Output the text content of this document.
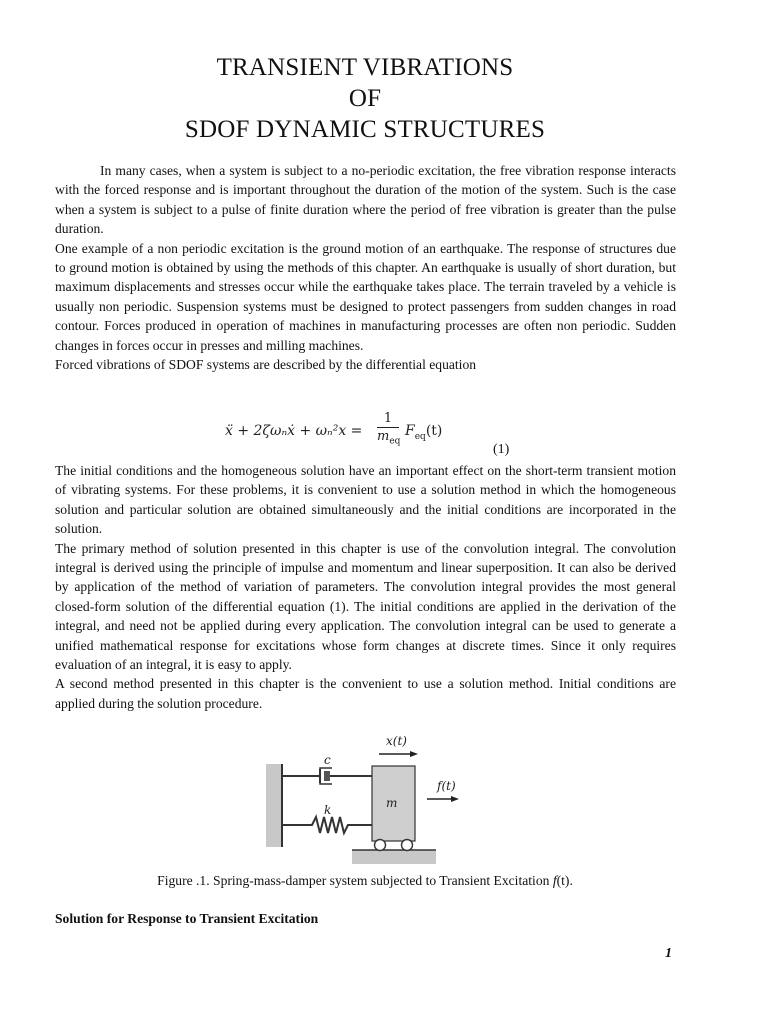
TRANSIENT VIBRATIONS
OF
SDOF DYNAMIC STRUCTURES

In many cases, when a system is subject to a no-periodic excitation, the free vibration response interacts with the forced response and is important throughout the duration of the motion of the system. Such is the case when a system is subject to a pulse of finite duration where the period of free vibration is greater than the pulse duration.

One example of a non periodic excitation is the ground motion of an earthquake. The response of structures due to ground motion is obtained by using the methods of this chapter. An earthquake is usually of short duration, but maximum displacements and stresses occur while the earthquake takes place. The terrain traveled by a vehicle is usually non periodic. Suspension systems must be designed to protect passengers from sudden changes in road contour. Forces produced in operation of machines in manufacturing processes are often non periodic. Sudden changes in forces occur in presses and milling machines.

Forced vibrations of SDOF systems are described by the differential equation

ẍ + 2ζωₙẋ + ωₙ²x =
1
$m_{eq}$
$F_{eq}(t)$
(1)

The initial conditions and the homogeneous solution have an important effect on the short-term transient motion of vibrating systems. For these problems, it is convenient to use a solution method in which the homogeneous solution and particular solution are obtained simultaneously and the initial conditions are incorporated in the solution.

The primary method of solution presented in this chapter is use of the convolution integral. The convolution integral is derived using the principle of impulse and momentum and linear superposition. It can also be derived by application of the method of variation of parameters. The convolution integral provides the most general closed-form solution of the differential equation (1). The initial conditions are applied in the derivation of the integral, and need not be applied during every application. The convolution integral can be used to generate a unified mathematical response for excitations whose form changes at discrete times. Since it only requires evaluation of an integral, it is easy to apply.

A second method presented in this chapter is the convenient to use a solution method. Initial conditions are applied during the solution procedure.

m
c
k
x(t)
f(t)
Figure .1. Spring-mass-damper system subjected to Transient Excitation f(t).
Solution for Response to Transient Excitation
1
